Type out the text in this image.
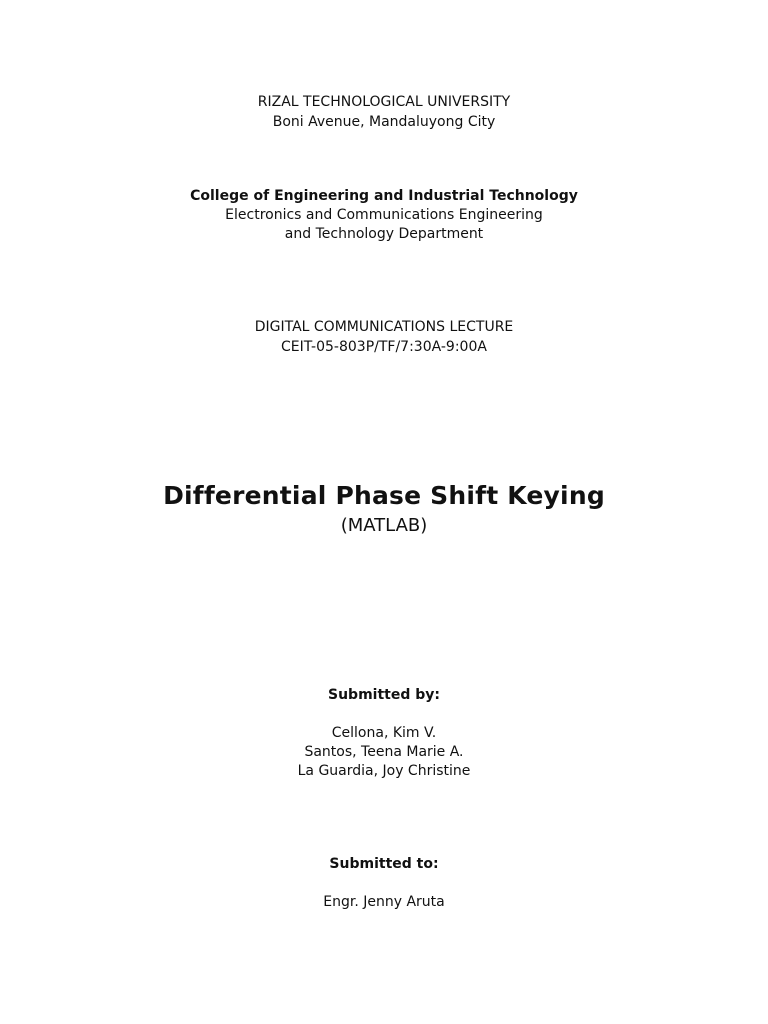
RIZAL TECHNOLOGICAL UNIVERSITY
Boni Avenue, Mandaluyong City
College of Engineering and Industrial Technology
Electronics and Communications Engineering
and Technology Department
DIGITAL COMMUNICATIONS LECTURE
CEIT-05-803P/TF/7:30A-9:00A
Differential Phase Shift Keying
(MATLAB)
Submitted by:
Cellona, Kim V.
Santos, Teena Marie A.
La Guardia, Joy Christine
Submitted to:
Engr. Jenny Aruta
